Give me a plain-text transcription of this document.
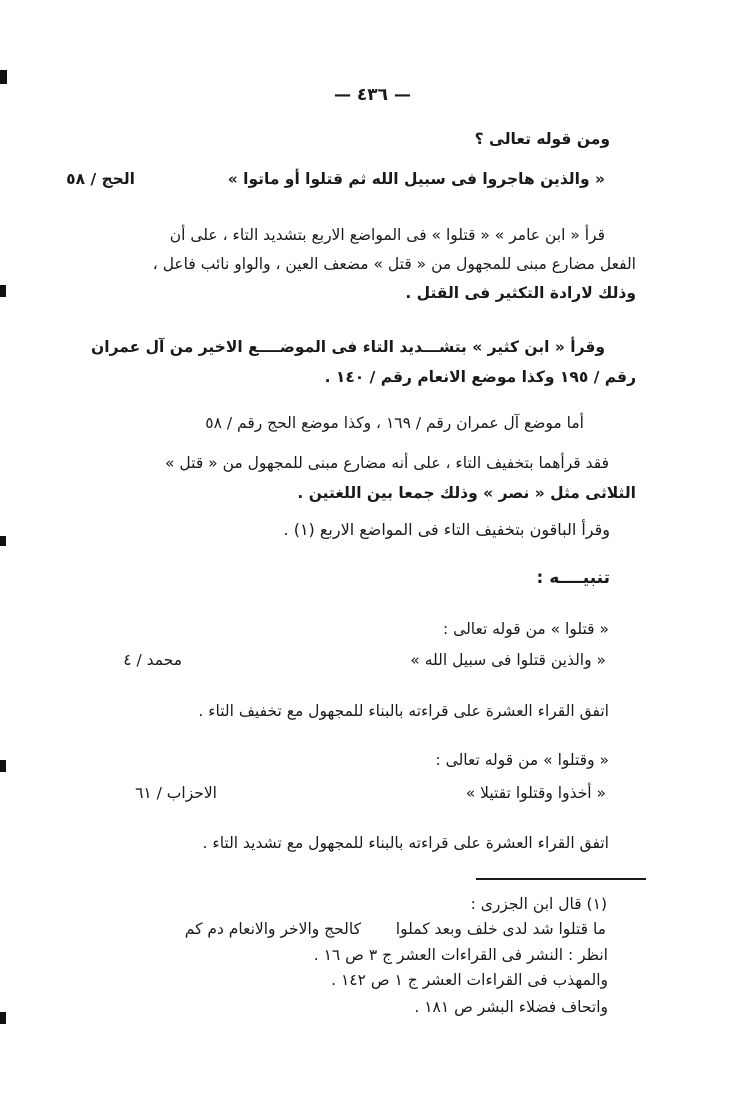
— ٤٣٦ —
ومن قوله تعالى ؟
« والذين هاجروا فى سبيل الله ثم قتلوا أو ماتوا »
الحج / ٥٨
قرأ « ابن عامر » « قتلوا » فى المواضع الاربع بتشديد التاء ، على أن
الفعل مضارع مبنى للمجهول من « قتل » مضعف العين ، والواو نائب فاعل ،
وذلك لارادة التكثير فى القتل .
وقرأ « ابن كثير » بتشـــديد التاء فى الموضــــع الاخير من آل عمران
رقم / ١٩٥ وكذا موضع الانعام رقم / ١٤٠ .
أما موضع آل عمران رقم / ١٦٩ ، وكذا موضع الحج رقم / ٥٨
فقد قرأهما بتخفيف التاء ، على أنه مضارع مبنى للمجهول من « قتل »
الثلاثى مثل « نصر » وذلك جمعا بين اللغتين .
وقرأ الباقون بتخفيف التاء فى المواضع الاربع (١) .
تنبيــــه :
« قتلوا » من قوله تعالى :
« والذين قتلوا فى سبيل الله »
محمد / ٤
اتفق القراء العشرة على قراءته بالبناء للمجهول مع تخفيف التاء .
« وقتلوا » من قوله تعالى :
« أخذوا وقتلوا تقتيلا »
الاحزاب / ٦١
اتفق القراء العشرة على قراءته بالبناء للمجهول مع تشديد التاء .
(١) قال ابن الجزرى :
ما قتلوا شد لدى خلف وبعد كملوا
كالحج والاخر والانعام دم كم
انظر : النشر فى القراءات العشر ج ٣ ص ١٦ .
والمهذب فى القراءات العشر ج ١ ص ١٤٢ .
واتحاف فضلاء البشر ص ١٨١ .
